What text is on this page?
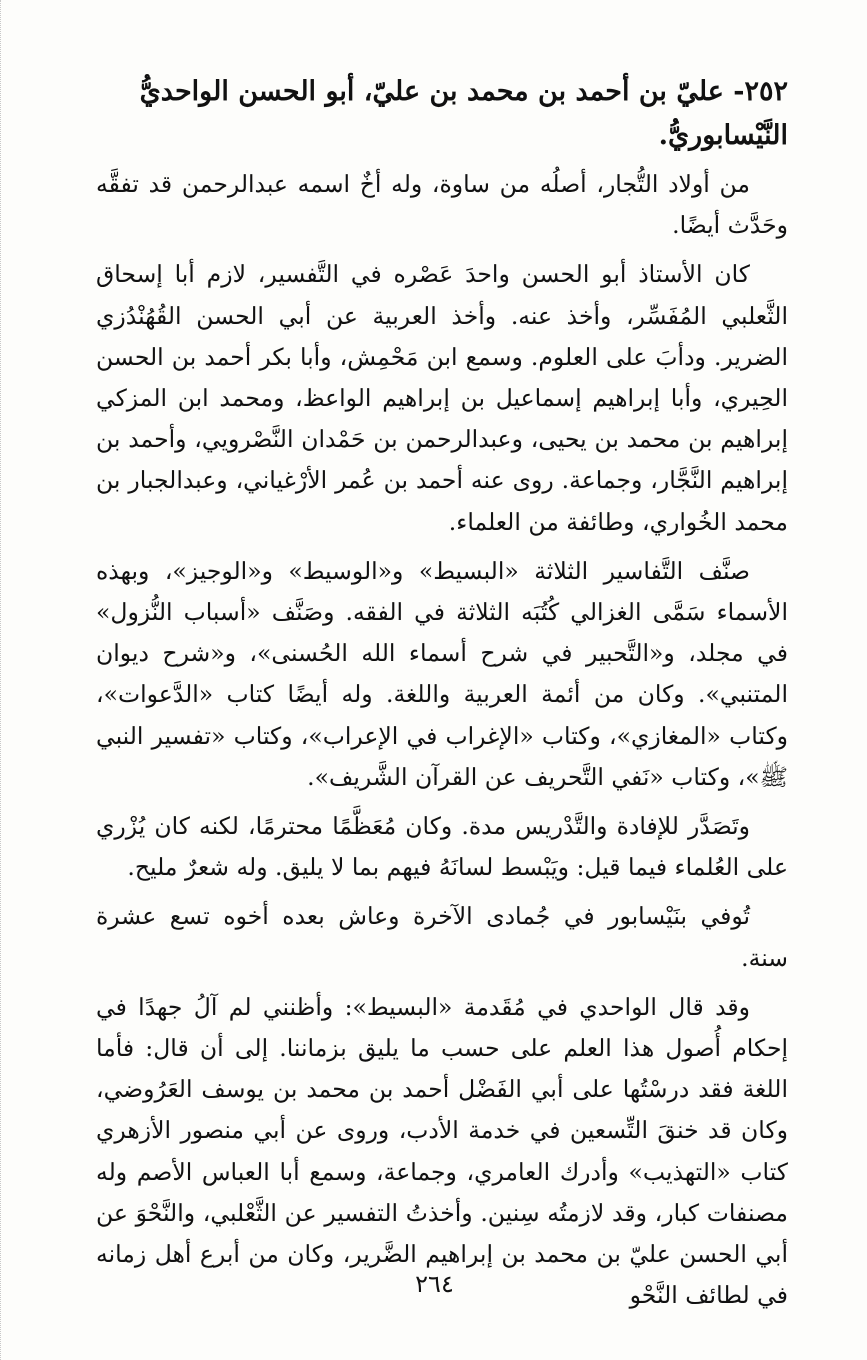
٢٥٢- عليّ بن أحمد بن محمد بن عليّ، أبو الحسن الواحديُّ
النَّيْسابوريُّ.

من أولاد التُّجار، أصلُه من ساوة، وله أخٌ اسمه عبدالرحمن قد تفقَّه وحَدَّث أيضًا.

كان الأستاذ أبو الحسن واحدَ عَصْره في التَّفسير، لازم أبا إسحاق الثَّعلبي المُفَسِّر، وأخذ عنه. وأخذ العربية عن أبي الحسن القُهُنْدُزي الضرير. ودأبَ على العلوم. وسمع ابن مَحْمِش، وأبا بكر أحمد بن الحسن الحِيري، وأبا إبراهيم إسماعيل بن إبراهيم الواعظ، ومحمد ابن المزكي إبراهيم بن محمد بن يحيى، وعبدالرحمن بن حَمْدان النَّصْرويي، وأحمد بن إبراهيم النَّجَّار، وجماعة. روى عنه أحمد بن عُمر الأرْغياني، وعبدالجبار بن محمد الخُواري، وطائفة من العلماء.

صنَّف التَّفاسير الثلاثة «البسيط» و«الوسيط» و«الوجيز»، وبهذه الأسماء سَمَّى الغزالي كُتُبَه الثلاثة في الفقه. وصَنَّف «أسباب النُّزول» في مجلد، و«التَّحبير في شرح أسماء الله الحُسنى»، و«شرح ديوان المتنبي». وكان من أئمة العربية واللغة. وله أيضًا كتاب «الدَّعوات»، وكتاب «المغازي»، وكتاب «الإغراب في الإعراب»، وكتاب «تفسير النبي ﷺ»، وكتاب «نَفي التَّحريف عن القرآن الشَّريف».

وتَصَدَّر للإفادة والتَّدْريس مدة. وكان مُعَظَّمًا محترمًا، لكنه كان يُزْري على العُلماء فيما قيل: ويَبْسط لسانَهُ فيهم بما لا يليق. وله شعرٌ مليح.

تُوفي بنَيْسابور في جُمادى الآخرة وعاش بعده أخوه تسع عشرة سنة.

وقد قال الواحدي في مُقَدمة «البسيط»: وأظنني لم آلُ جهدًا في إحكام أُصول هذا العلم على حسب ما يليق بزماننا. إلى أن قال: فأما اللغة فقد درسْتُها على أبي الفَضْل أحمد بن محمد بن يوسف العَرُوضي، وكان قد خنقَ التِّسعين في خدمة الأدب، وروى عن أبي منصور الأزهري كتاب «التهذيب» وأدرك العامري، وجماعة، وسمع أبا العباس الأصم وله مصنفات كبار، وقد لازمتُه سِنين. وأخذتُ التفسير عن الثَّعْلبي، والنَّحْوَ عن أبي الحسن عليّ بن محمد بن إبراهيم الضَّرير، وكان من أبرع أهل زمانه في لطائف النَّحْو

٢٦٤
